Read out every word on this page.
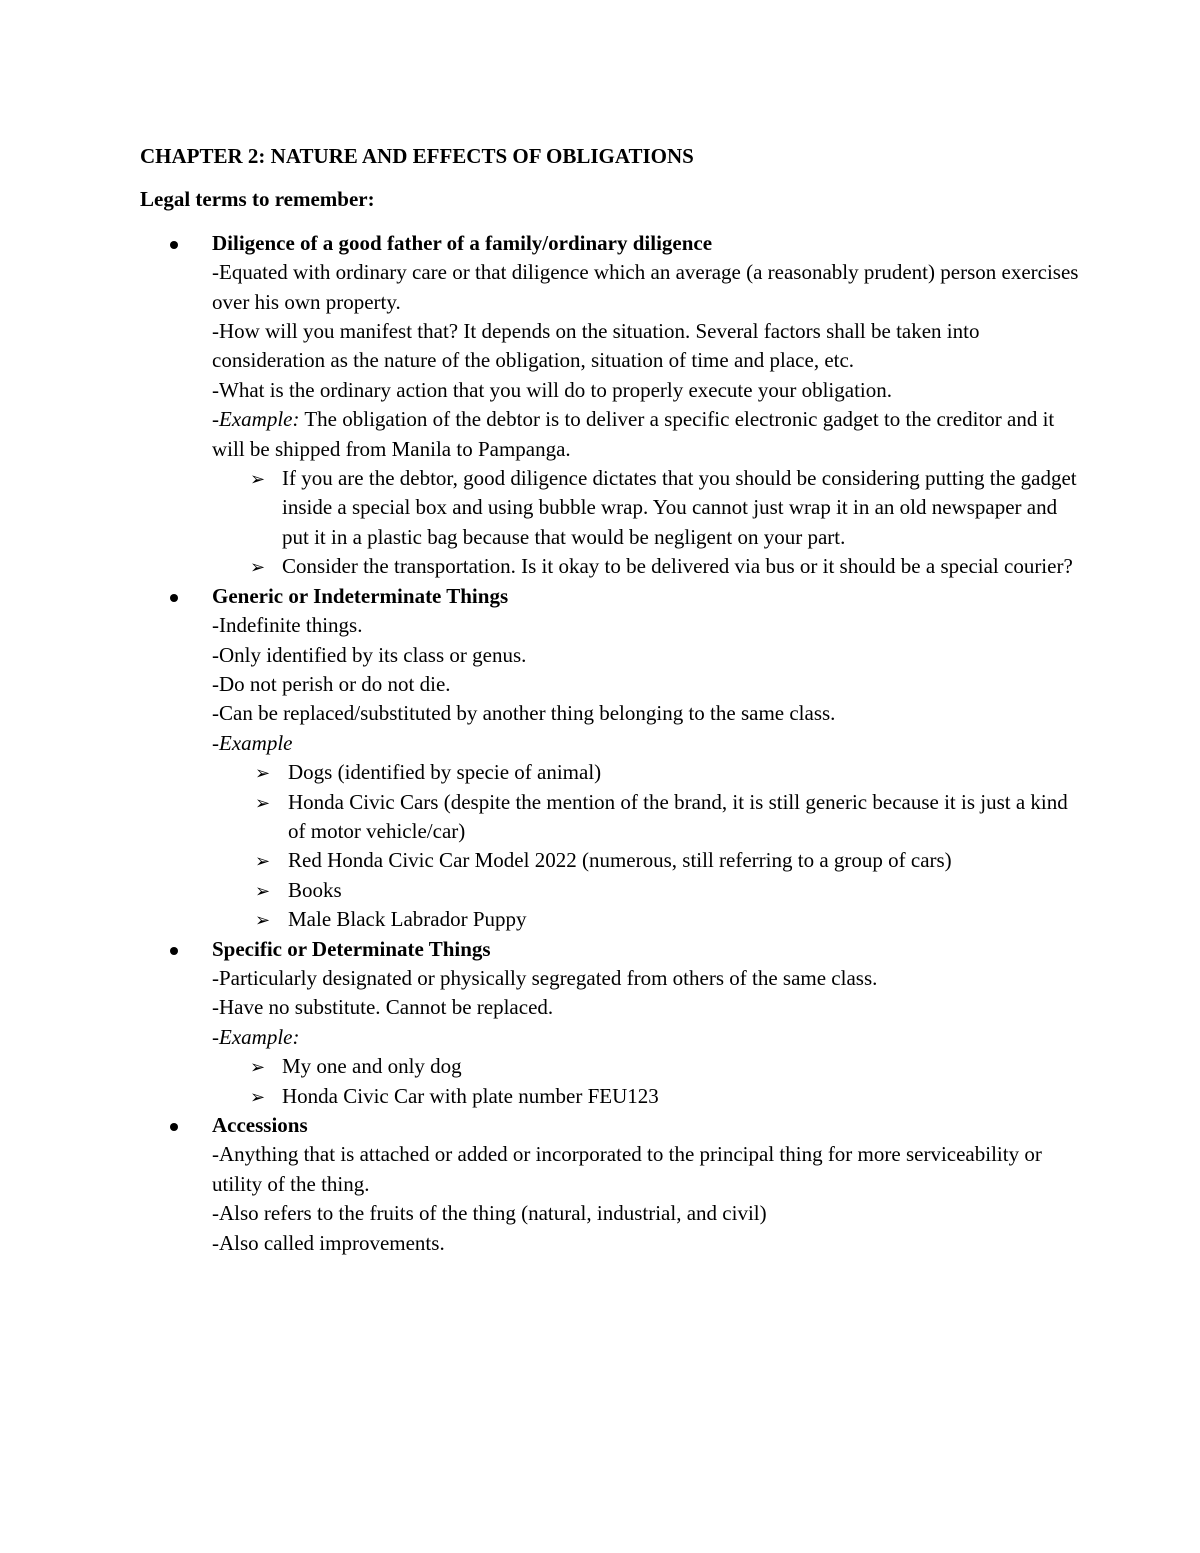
CHAPTER 2: NATURE AND EFFECTS OF OBLIGATIONS
Legal terms to remember:
Diligence of a good father of a family/ordinary diligence
-Equated with ordinary care or that diligence which an average (a reasonably prudent) person exercises over his own property.
-How will you manifest that? It depends on the situation. Several factors shall be taken into consideration as the nature of the obligation, situation of time and place, etc.
-What is the ordinary action that you will do to properly execute your obligation.
-Example: The obligation of the debtor is to deliver a specific electronic gadget to the creditor and it will be shipped from Manila to Pampanga.
➢ If you are the debtor, good diligence dictates that you should be considering putting the gadget inside a special box and using bubble wrap. You cannot just wrap it in an old newspaper and put it in a plastic bag because that would be negligent on your part.
➢ Consider the transportation. Is it okay to be delivered via bus or it should be a special courier?
Generic or Indeterminate Things
-Indefinite things.
-Only identified by its class or genus.
-Do not perish or do not die.
-Can be replaced/substituted by another thing belonging to the same class.
-Example
➢ Dogs (identified by specie of animal)
➢ Honda Civic Cars (despite the mention of the brand, it is still generic because it is just a kind of motor vehicle/car)
➢ Red Honda Civic Car Model 2022 (numerous, still referring to a group of cars)
➢ Books
➢ Male Black Labrador Puppy
Specific or Determinate Things
-Particularly designated or physically segregated from others of the same class.
-Have no substitute. Cannot be replaced.
-Example:
➢ My one and only dog
➢ Honda Civic Car with plate number FEU123
Accessions
-Anything that is attached or added or incorporated to the principal thing for more serviceability or utility of the thing.
-Also refers to the fruits of the thing (natural, industrial, and civil)
-Also called improvements.
